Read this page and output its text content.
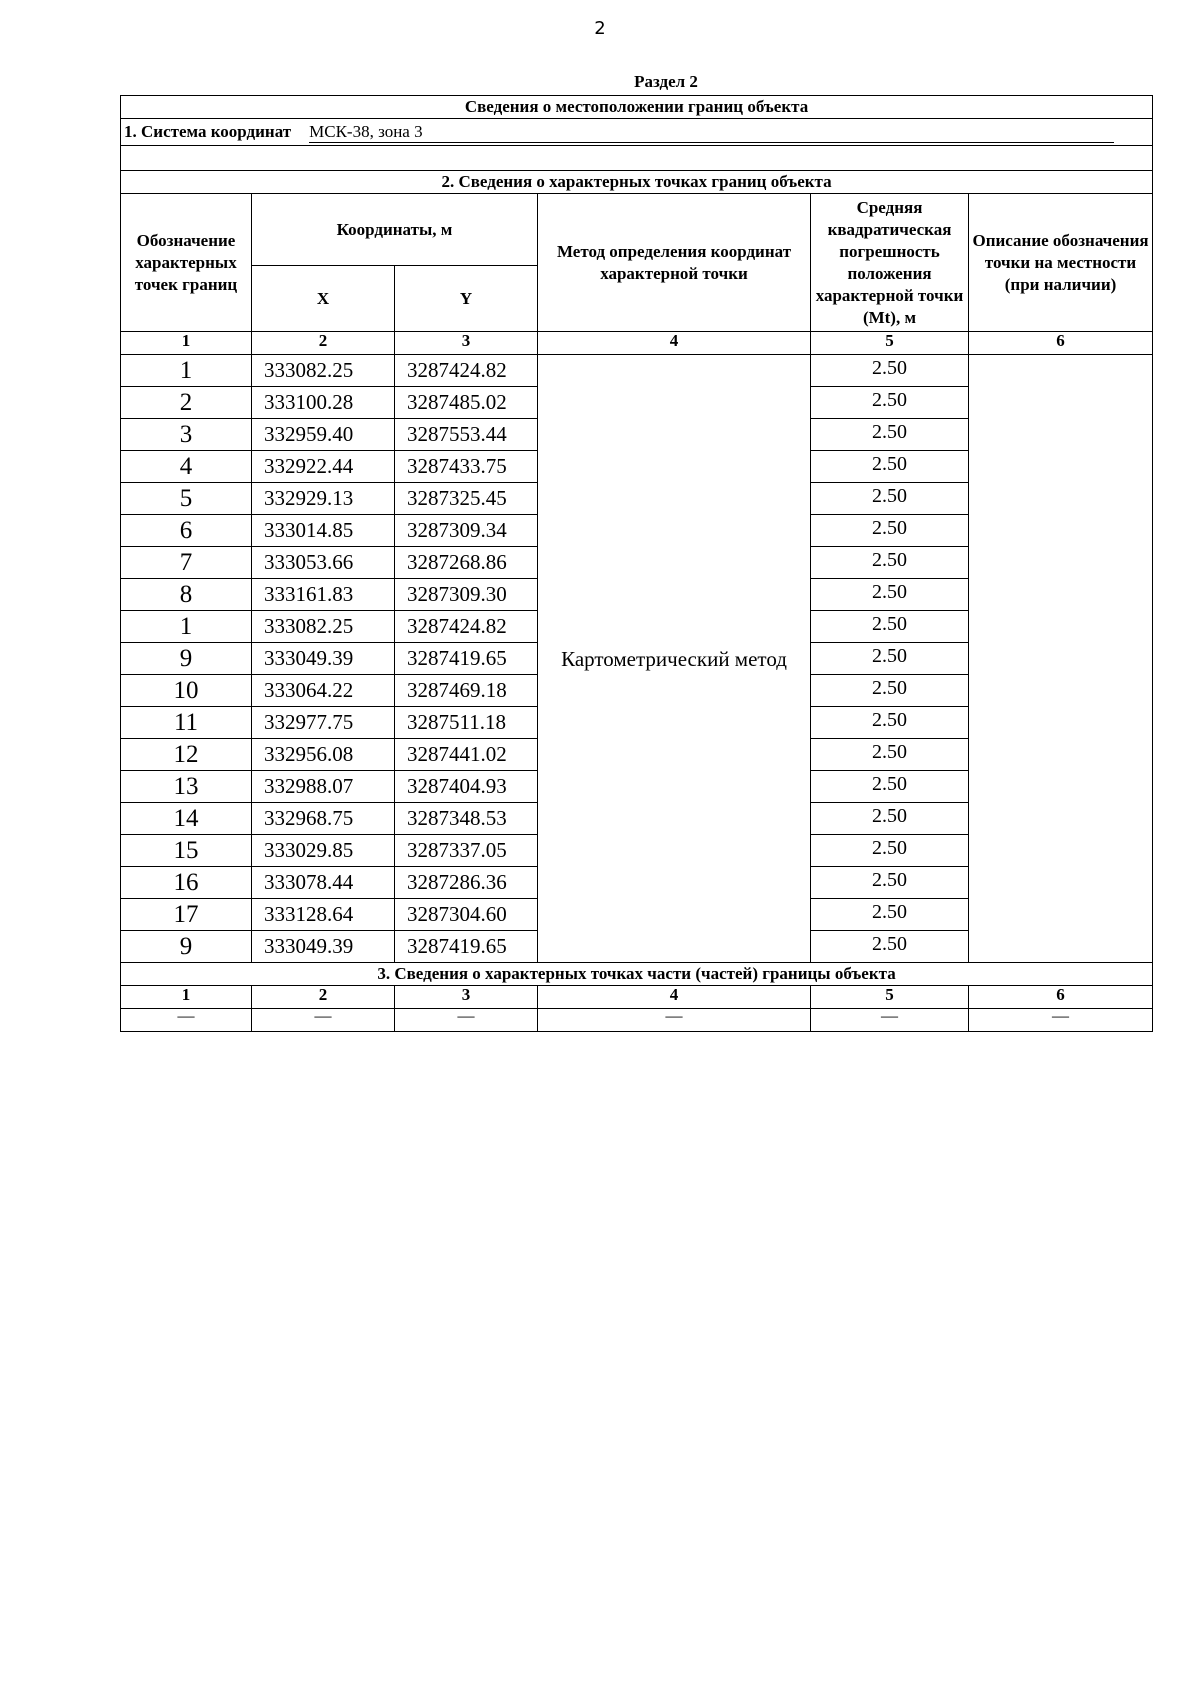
2
Раздел 2
Сведения о местоположении границ объекта					
1. Система координат МСК-38, зона 3					

2. Сведения о характерных точках границ объекта					
Обозначение характерных точек границ	Координаты, м		Метод определения координат характерной точки	Средняя квадратическая погрешность положения характерной точки (Mt), м	Описание обозначения точки на местности (при наличии)
	X	Y			
1	2	3	4	5	6
1	333082.25	3287424.82	Картометрический метод	2.50	
2	333100.28	3287485.02		2.50	
3	332959.40	3287553.44		2.50	
4	332922.44	3287433.75		2.50	
5	332929.13	3287325.45		2.50	
6	333014.85	3287309.34		2.50	
7	333053.66	3287268.86		2.50	
8	333161.83	3287309.30		2.50	
1	333082.25	3287424.82		2.50	
9	333049.39	3287419.65		2.50	
10	333064.22	3287469.18		2.50	
11	332977.75	3287511.18		2.50	
12	332956.08	3287441.02		2.50	
13	332988.07	3287404.93		2.50	
14	332968.75	3287348.53		2.50	
15	333029.85	3287337.05		2.50	
16	333078.44	3287286.36		2.50	
17	333128.64	3287304.60		2.50	
9	333049.39	3287419.65		2.50	
3. Сведения о характерных точках части (частей) границы объекта					
1	2	3	4	5	6
—	—	—	—	—	—
